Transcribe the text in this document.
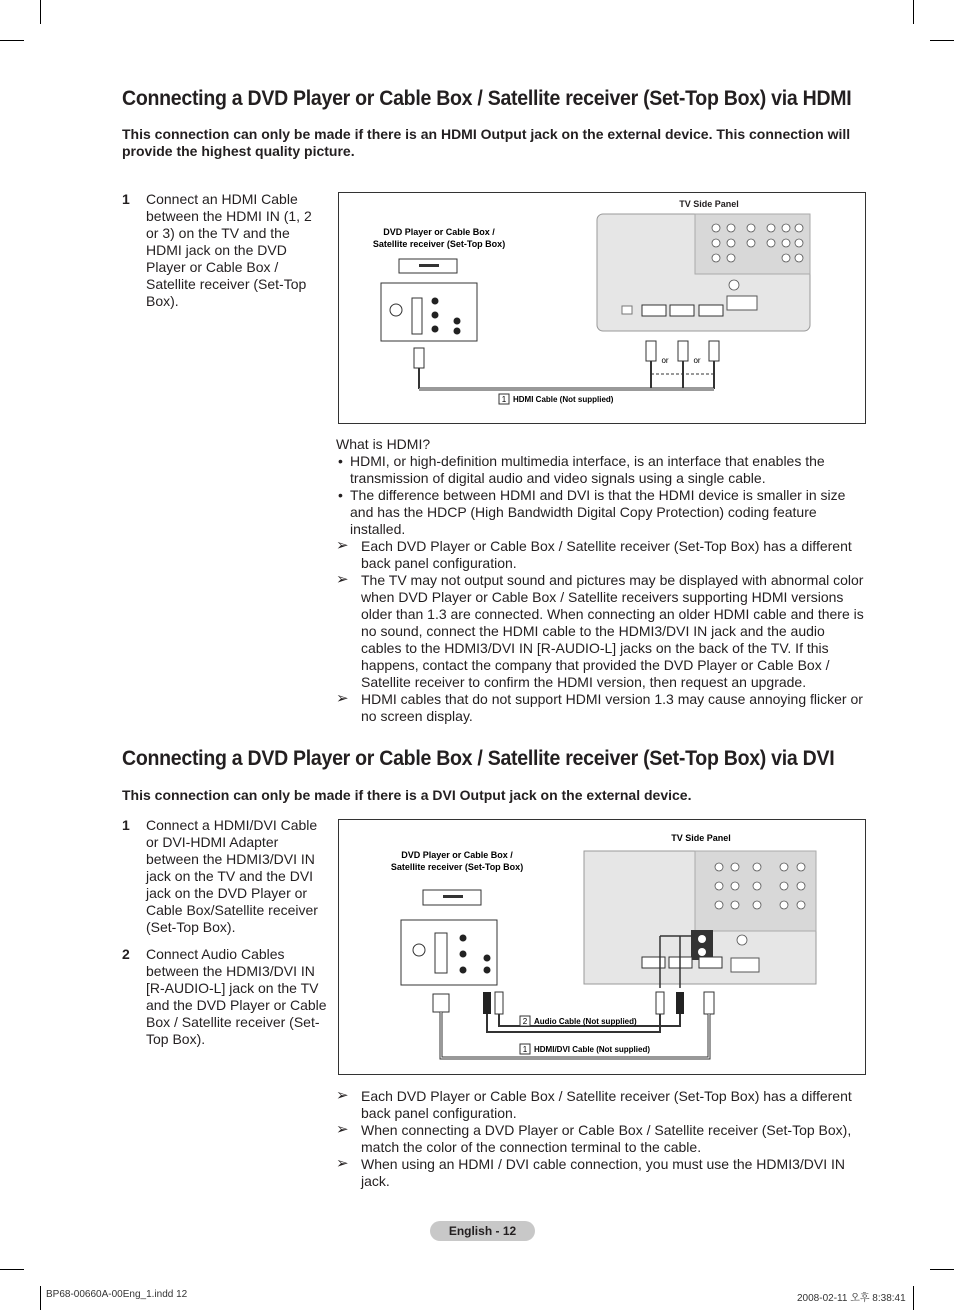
Connecting a DVD Player or Cable Box / Satellite receiver (Set-Top Box) via HDMI

This connection can only be made if there is an HDMI Output jack on the external device. This connection will provide the highest quality picture.

1 Connect an HDMI Cable between the HDMI IN (1, 2 or 3) on the TV and the HDMI jack on the DVD Player or Cable Box / Satellite receiver (Set-Top Box).
TV Side Panel
DVD Player or Cable Box /
Satellite receiver (Set-Top Box)
or	or
1 HDMI Cable (Not supplied)

What is HDMI?

• HDMI, or high-definition multimedia interface, is an interface that enables the transmission of digital audio and video signals using a single cable.

• The difference between HDMI and DVI is that the HDMI device is smaller in size and has the HDCP (High Bandwidth Digital Copy Protection) coding feature installed.

➢ Each DVD Player or Cable Box / Satellite receiver (Set-Top Box) has a different back panel configuration.

➢ The TV may not output sound and pictures may be displayed with abnormal color when DVD Player or Cable Box / Satellite receivers supporting HDMI versions older than 1.3 are connected. When connecting an older HDMI cable and there is no sound, connect the HDMI cable to the HDMI3/DVI IN jack and the audio cables to the HDMI3/DVI IN [R-AUDIO-L] jacks on the back of the TV. If this happens, contact the company that provided the DVD Player or Cable Box / Satellite receiver to confirm the HDMI version, then request an upgrade.

➢ HDMI cables that do not support HDMI version 1.3 may cause annoying flicker or no screen display.

Connecting a DVD Player or Cable Box / Satellite receiver (Set-Top Box) via DVI

This connection can only be made if there is a DVI Output jack on the external device.

1 Connect a HDMI/DVI Cable or DVI-HDMI Adapter between the HDMI3/DVI IN jack on the TV and the DVI jack on the DVD Player or Cable Box/Satellite receiver (Set-Top Box).
2 Connect Audio Cables between the HDMI3/DVI IN [R-AUDIO-L] jack on the TV and the DVD Player or Cable Box / Satellite receiver (Set-Top Box).
TV Side Panel
DVD Player or Cable Box /
Satellite receiver (Set-Top Box)
2 Audio Cable (Not supplied)
1 HDMI/DVI Cable (Not supplied)

➢ Each DVD Player or Cable Box / Satellite receiver (Set-Top Box) has a different back panel configuration.

➢ When connecting a DVD Player or Cable Box / Satellite receiver (Set-Top Box), match the color of the connection terminal to the cable.

➢ When using an HDMI / DVI cable connection, you must use the HDMI3/DVI IN jack.

English - 12
BP68-00660A-00Eng_1.indd 12	2008-02-11 오후 8:38:41
